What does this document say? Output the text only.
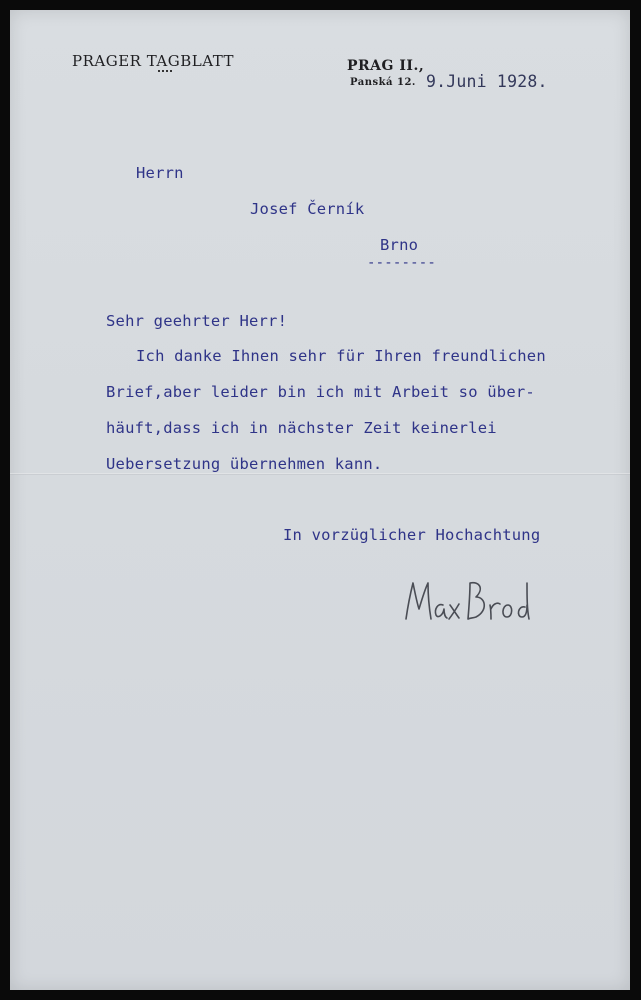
PRAGER TAGBLATT	PRAG II.,
Panská 12. 9.Juni 1928.
Herrn
Josef Černík
Brno
--------
Sehr geehrter Herr!
Ich danke Ihnen sehr für Ihren freundlichen
Brief,aber leider bin ich mit Arbeit so über-
häuft,dass ich in nächster Zeit keinerlei
Uebersetzung übernehmen kann.
In vorzüglicher Hochachtung
